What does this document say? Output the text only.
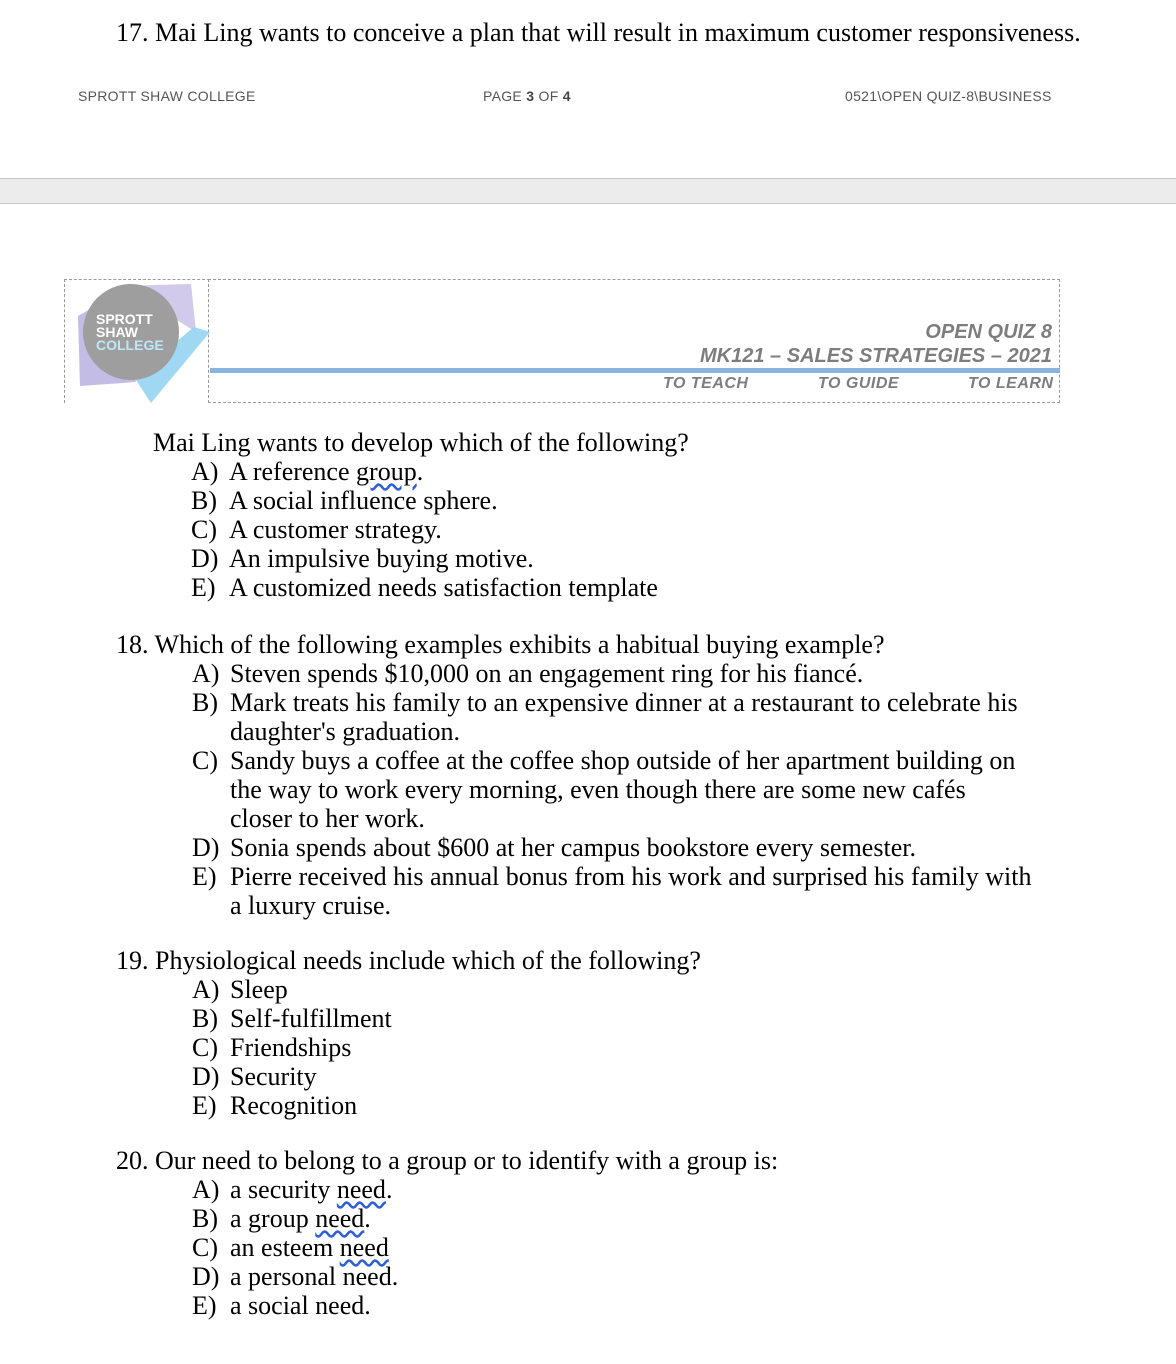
17. Mai Ling wants to conceive a plan that will result in maximum customer responsiveness.
SPROTT SHAW COLLEGE	PAGE 3 OF 4	0521\OPEN QUIZ-8\BUSINESS
SPROTT
SHAW
COLLEGE
OPEN QUIZ 8
MK121 – SALES STRATEGIES – 2021
TO TEACH	TO GUIDE	TO LEARN
Mai Ling wants to develop which of the following?
A) A reference group.
B) A social influence sphere.
C) A customer strategy.
D) An impulsive buying motive.
E) A customized needs satisfaction template
18. Which of the following examples exhibits a habitual buying example?
A) Steven spends $10,000 on an engagement ring for his fiancé.
B) Mark treats his family to an expensive dinner at a restaurant to celebrate his daughter's graduation.
C) Sandy buys a coffee at the coffee shop outside of her apartment building on the way to work every morning, even though there are some new cafés closer to her work.
D) Sonia spends about $600 at her campus bookstore every semester.
E) Pierre received his annual bonus from his work and surprised his family with a luxury cruise.
19. Physiological needs include which of the following?
A) Sleep
B) Self-fulfillment
C) Friendships
D) Security
E) Recognition
20. Our need to belong to a group or to identify with a group is:
A) a security need.
B) a group need.
C) an esteem need
D) a personal need.
E) a social need.
